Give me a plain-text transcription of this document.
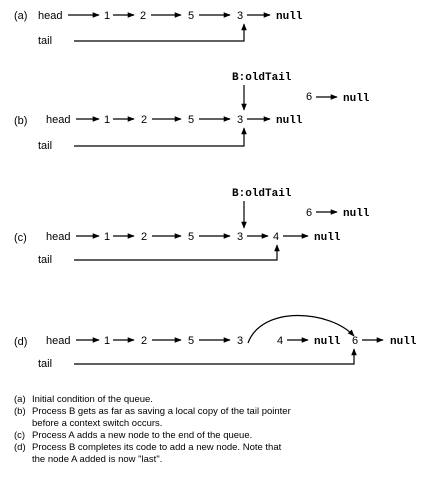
(a) head	1	2	5	3	null
tail
B:oldTail
6	null
(b) head	1	2	5	3	null
tail
B:oldTail
6	null
(c) head	1	2	5	3	4	null
tail
(d) head	1	2	5	3	4	null 6	null
tail
(a) Initial condition of the queue.
(b) Process B gets as far as saving a local copy of the tail pointer
before a context switch occurs.
(c) Process A adds a new node to the end of the queue.
(d) Process B completes its code to add a new node. Note that
the node A added is now "last".
